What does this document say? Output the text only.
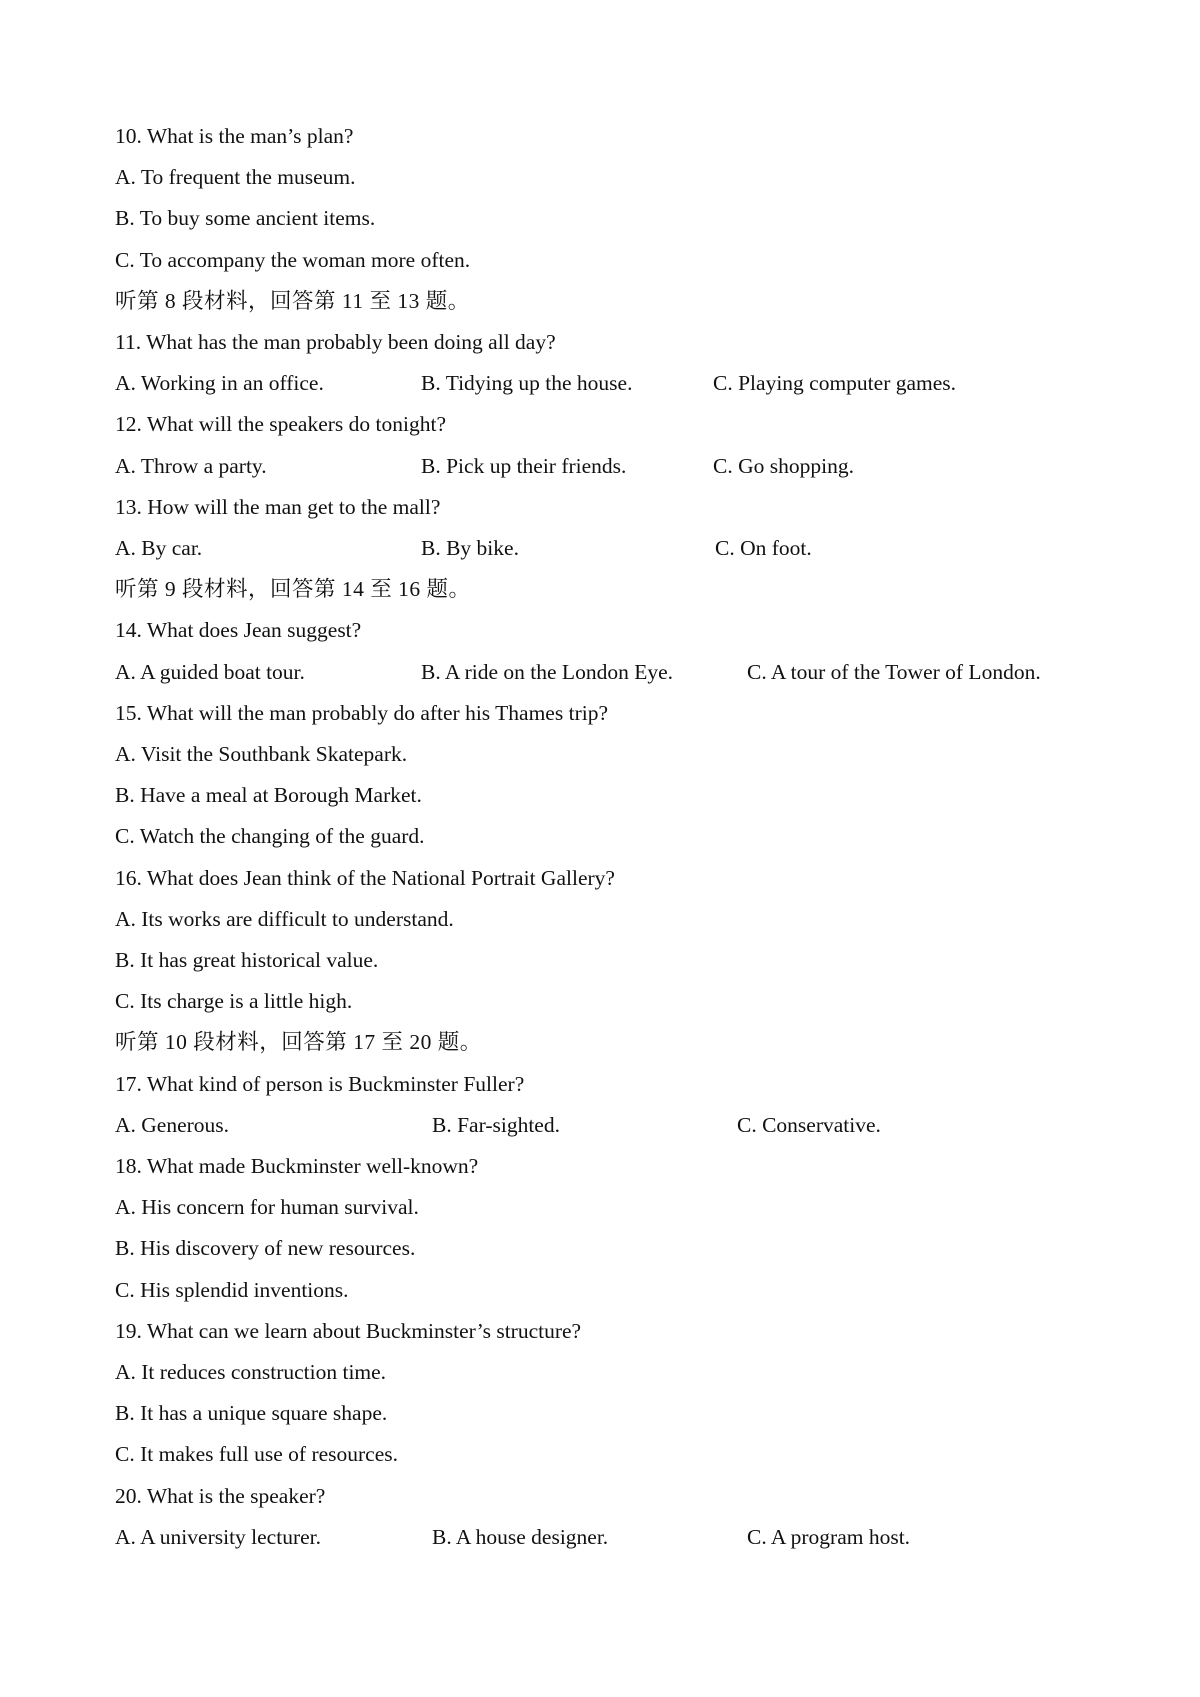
10. What is the man’s plan?
A. To frequent the museum.
B. To buy some ancient items.
C. To accompany the woman more often.
听第 8 段材料，回答第 11 至 13 题。
11. What has the man probably been doing all day?
A. Working in an office.	B. Tidying up the house.	C. Playing computer games.
12. What will the speakers do tonight?
A. Throw a party.	B. Pick up their friends.	C. Go shopping.
13. How will the man get to the mall?
A. By car.	B. By bike.	C. On foot.
听第 9 段材料，回答第 14 至 16 题。
14. What does Jean suggest?
A. A guided boat tour.	B. A ride on the London Eye.	C. A tour of the Tower of London.
15. What will the man probably do after his Thames trip?
A. Visit the Southbank Skatepark.
B. Have a meal at Borough Market.
C. Watch the changing of the guard.
16. What does Jean think of the National Portrait Gallery?
A. Its works are difficult to understand.
B. It has great historical value.
C. Its charge is a little high.
听第 10 段材料，回答第 17 至 20 题。
17. What kind of person is Buckminster Fuller?
A. Generous.	B. Far-sighted.	C. Conservative.
18. What made Buckminster well-known?
A. His concern for human survival.
B. His discovery of new resources.
C. His splendid inventions.
19. What can we learn about Buckminster’s structure?
A. It reduces construction time.
B. It has a unique square shape.
C. It makes full use of resources.
20. What is the speaker?
A. A university lecturer.	B. A house designer.	C. A program host.
